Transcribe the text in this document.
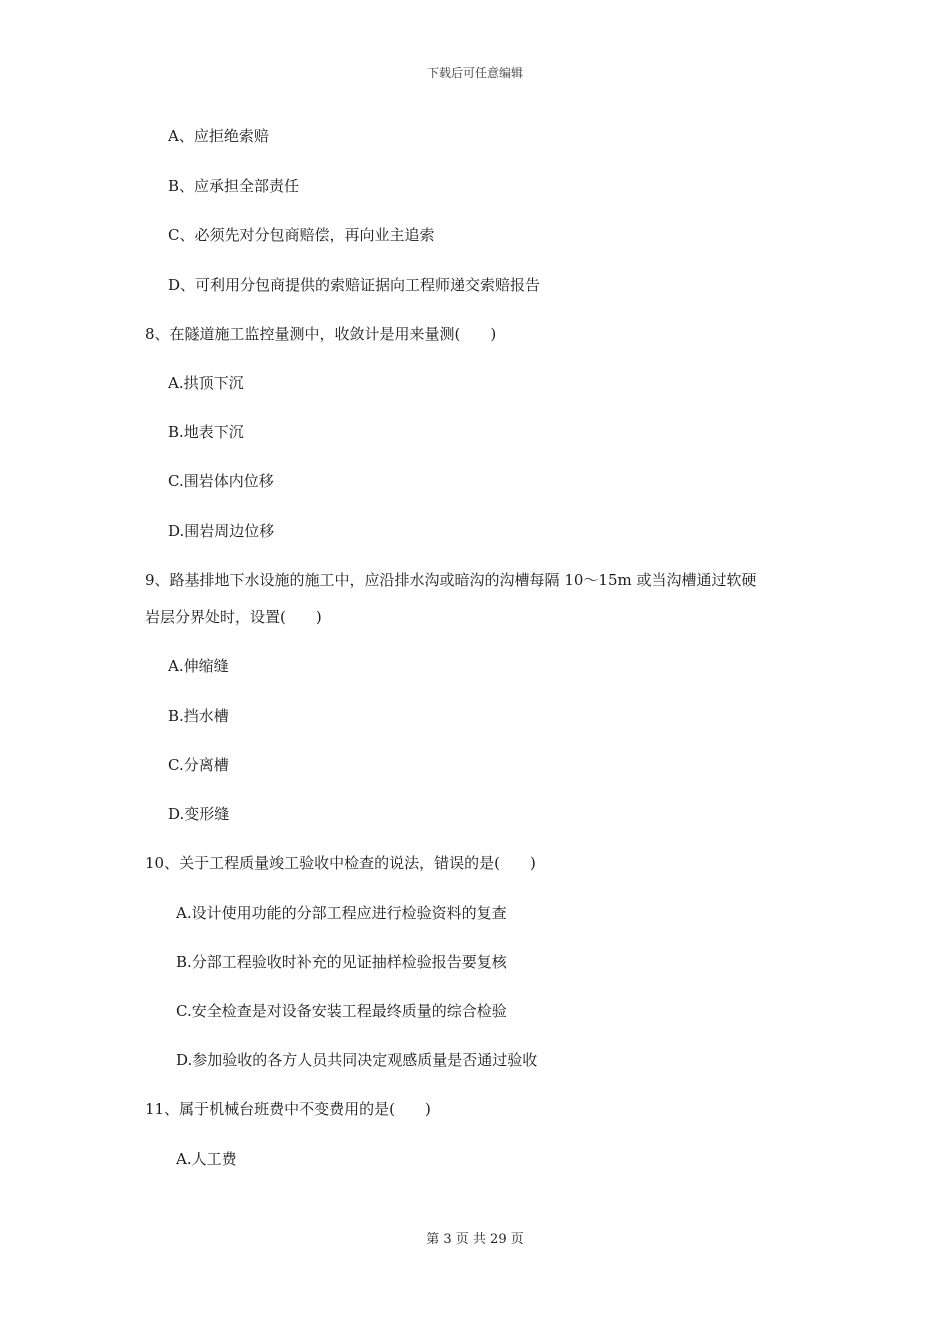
下载后可任意编辑
A、应拒绝索赔
B、应承担全部责任
C、必须先对分包商赔偿，再向业主追索
D、可利用分包商提供的索赔证据向工程师递交索赔报告
8、在隧道施工监控量测中，收敛计是用来量测(　　)
A.拱顶下沉
B.地表下沉
C.围岩体内位移
D.围岩周边位移
9、路基排地下水设施的施工中，应沿排水沟或暗沟的沟槽每隔 10～15m 或当沟槽通过软硬
岩层分界处时，设置(　　)
A.伸缩缝
B.挡水槽
C.分离槽
D.变形缝
10、关于工程质量竣工验收中检查的说法，错误的是(　　)
A.设计使用功能的分部工程应进行检验资料的复查
B.分部工程验收时补充的见证抽样检验报告要复核
C.安全检查是对设备安装工程最终质量的综合检验
D.参加验收的各方人员共同决定观感质量是否通过验收
11、属于机械台班费中不变费用的是(　　)
A.人工费
第 3 页 共 29 页
